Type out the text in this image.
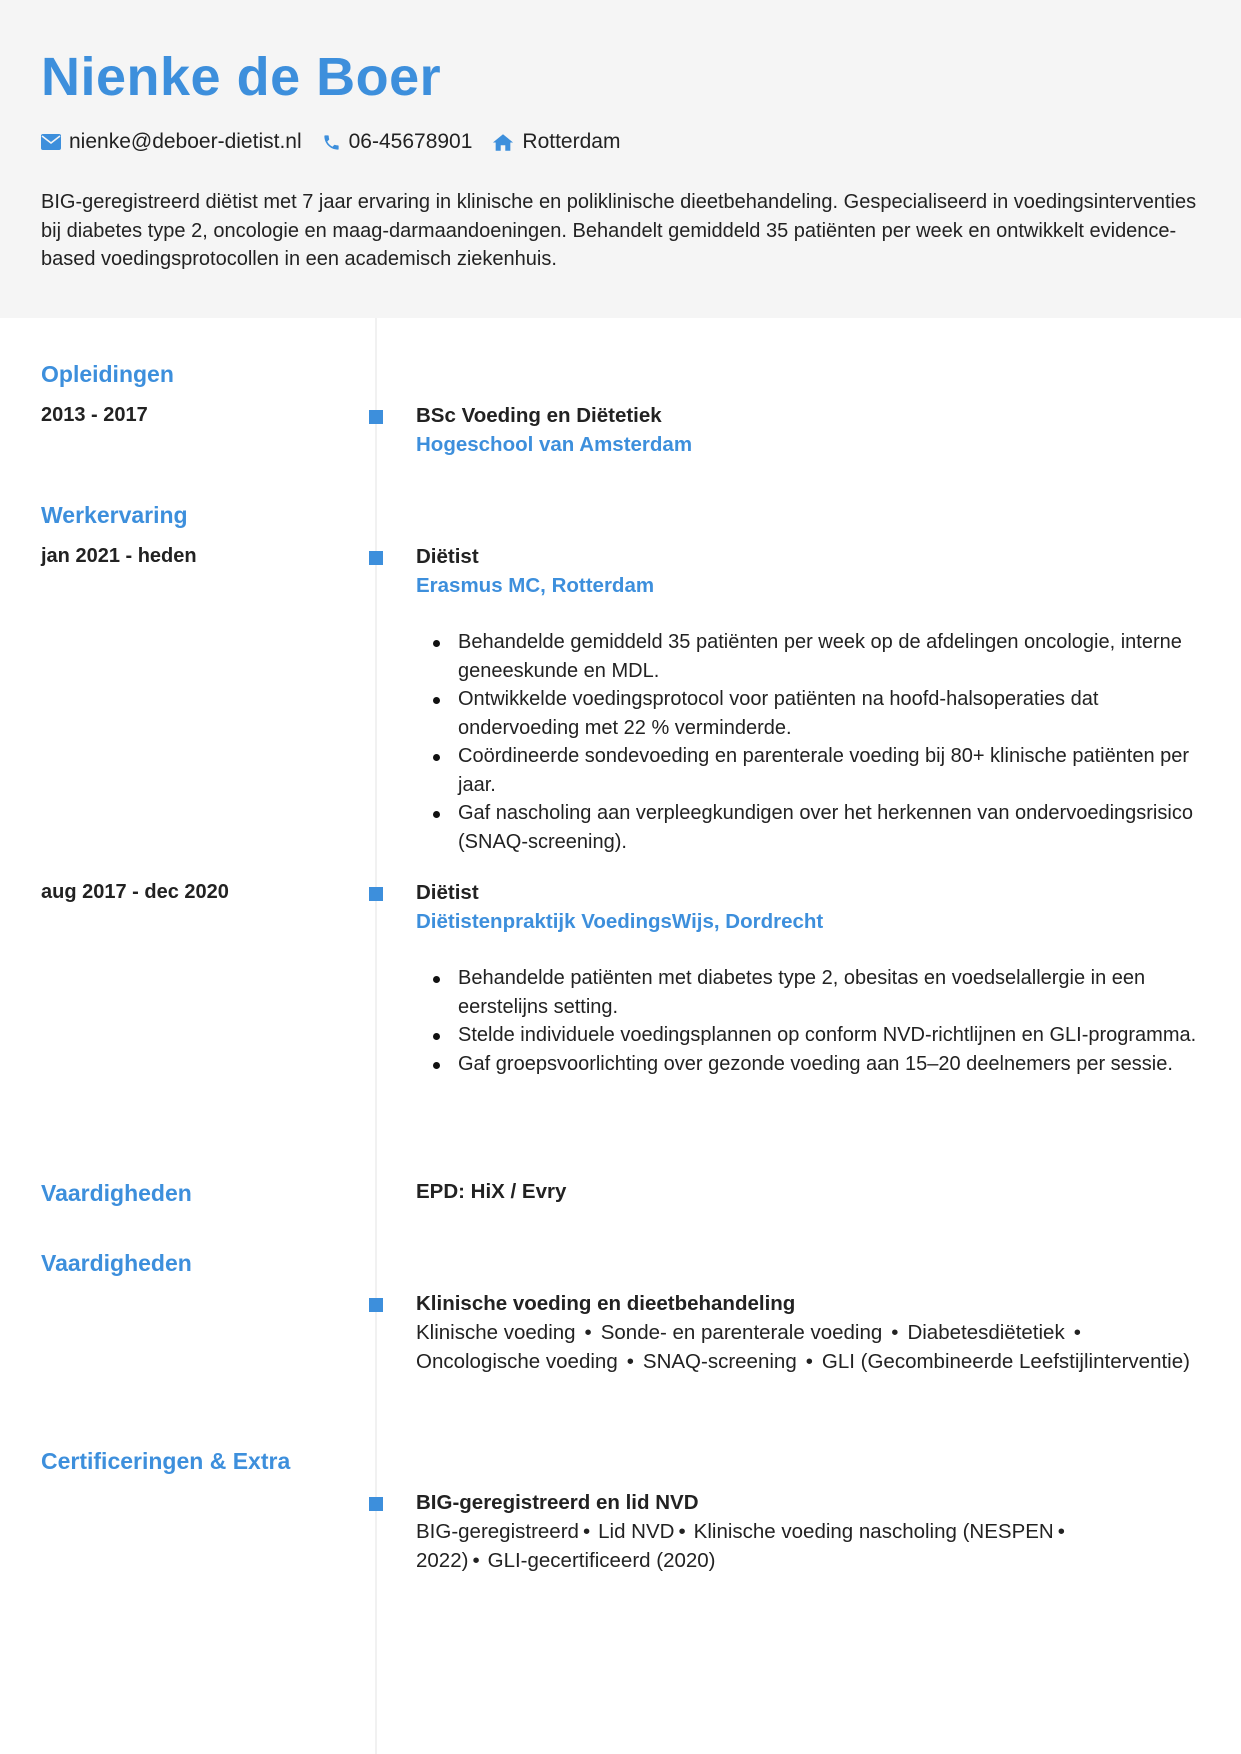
Nienke de Boer
nienke@deboer-dietist.nl 06-45678901 Rotterdam

BIG-geregistreerd diëtist met 7 jaar ervaring in klinische en poliklinische dieetbehandeling. Gespecialiseerd in voedingsinterventies bij diabetes type 2, oncologie en maag-darmaandoeningen. Behandelt gemiddeld 35 patiënten per week en ontwikkelt evidence-based voedingsprotocollen in een academisch ziekenhuis.

Opleidingen
2013 - 2017	BSc Voeding en Diëtetiek
Hogeschool van Amsterdam
Werkervaring
jan 2021 - heden	Diëtist
Erasmus MC, Rotterdam
Behandelde gemiddeld 35 patiënten per week op de afdelingen oncologie, interne geneeskunde en MDL.
Ontwikkelde voedingsprotocol voor patiënten na hoofd-halsoperaties dat ondervoeding met 22 % verminderde.
Coördineerde sondevoeding en parenterale voeding bij 80+ klinische patiënten per jaar.
Gaf nascholing aan verpleegkundigen over het herkennen van ondervoedingsrisico (SNAQ-screening).
aug 2017 - dec 2020	Diëtist
Diëtistenpraktijk VoedingsWijs, Dordrecht
Behandelde patiënten met diabetes type 2, obesitas en voedselallergie in een eerstelijns setting.
Stelde individuele voedingsplannen op conform NVD-richtlijnen en GLI-programma.
Gaf groepsvoorlichting over gezonde voeding aan 15–20 deelnemers per sessie.
Vaardigheden	EPD: HiX / Evry
Vaardigheden
Klinische voeding en dieetbehandeling
Klinische voeding • Sonde- en parenterale voeding • Diabetesdiëtetiek •
Oncologische voeding • SNAQ-screening • GLI (Gecombineerde Leefstijlinterventie)
Certificeringen & Extra
BIG-geregistreerd en lid NVD
BIG-geregistreerd • Lid NVD • Klinische voeding nascholing (NESPEN •
2022) • GLI-gecertificeerd (2020)
